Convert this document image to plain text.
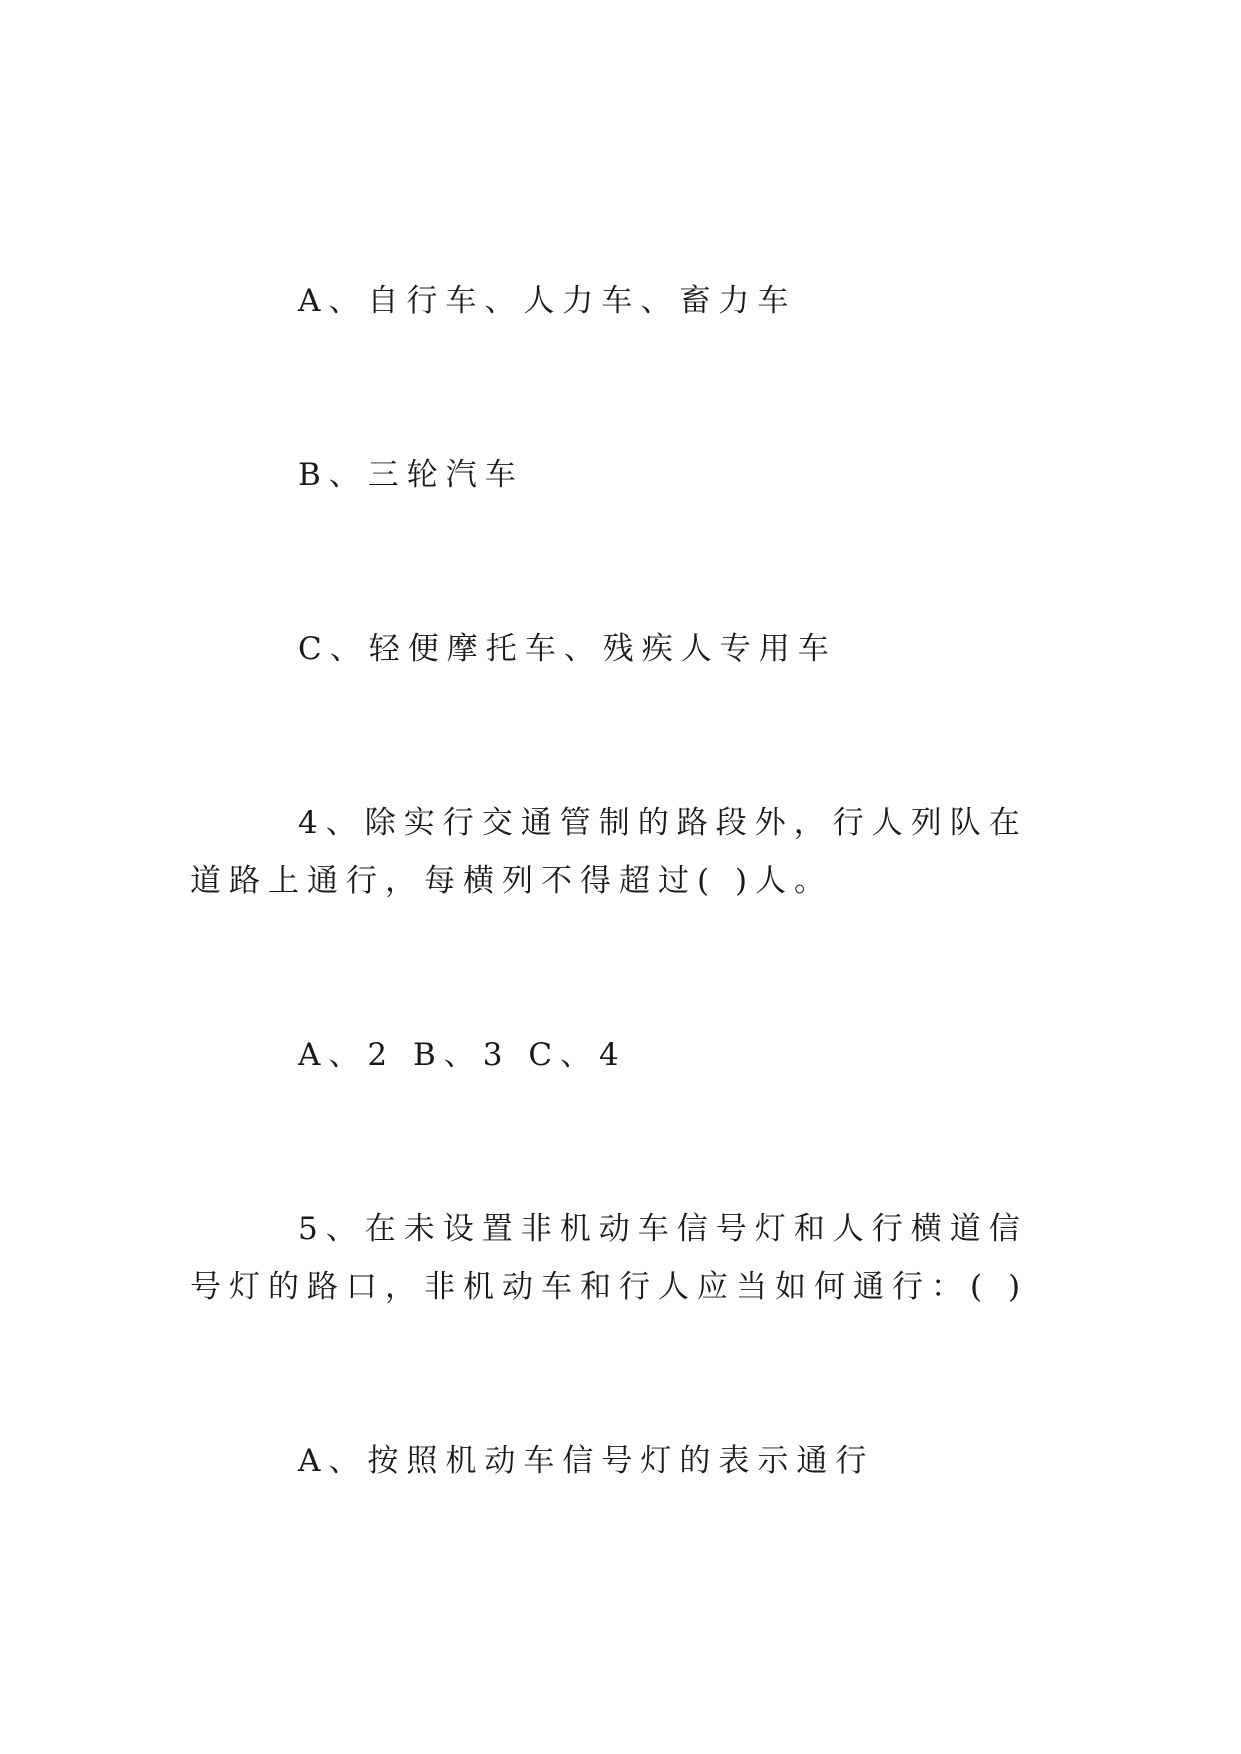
A、自行车、人力车、畜力车

B、三轮汽车

C、轻便摩托车、残疾人专用车

4、除实行交通管制的路段外，行人列队在道路上通行，每横列不得超过( )人。

A、2 B、3 C、4

5、在未设置非机动车信号灯和人行横道信号灯的路口，非机动车和行人应当如何通行：( )

A、按照机动车信号灯的表示通行
